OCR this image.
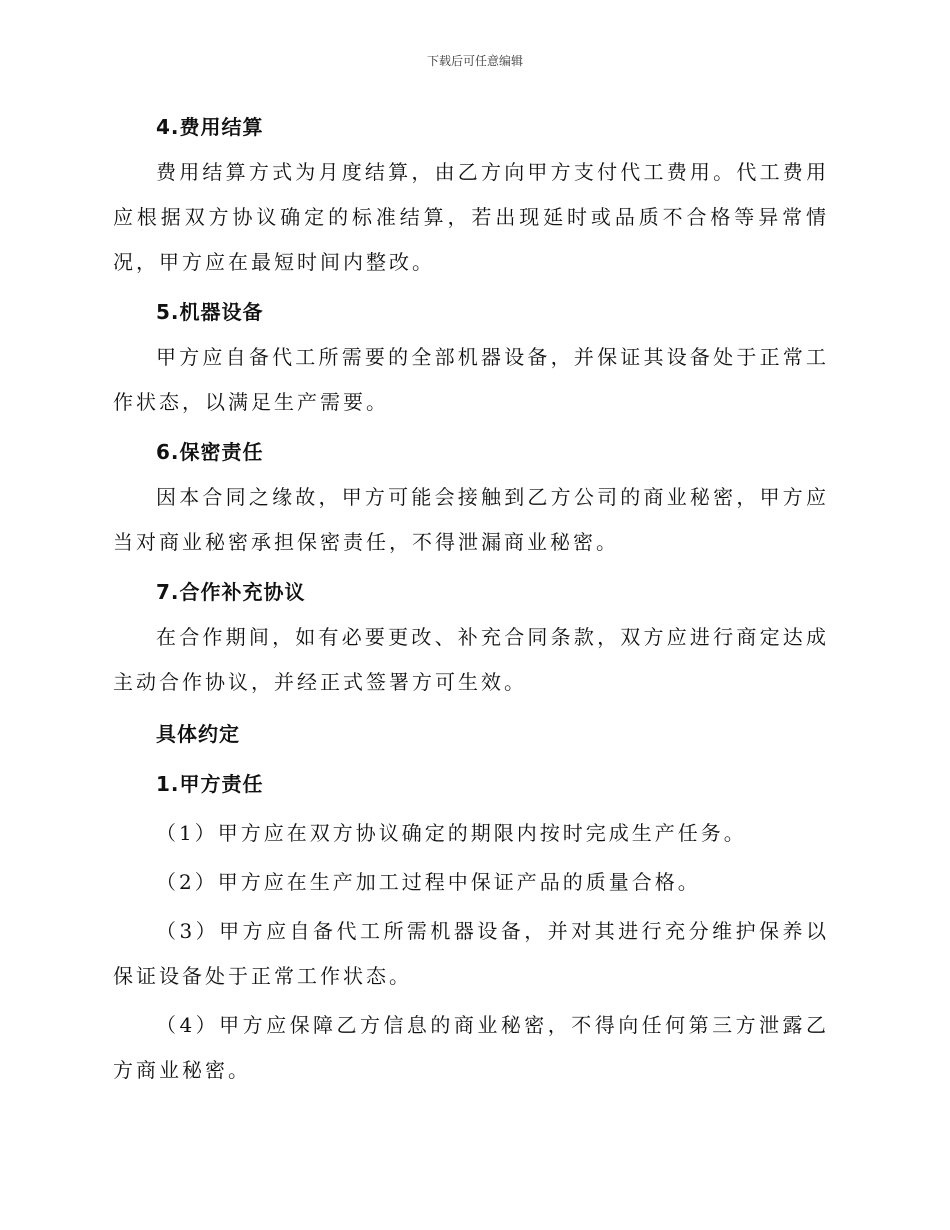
下载后可任意编辑

4.费用结算

费用结算方式为月度结算，由乙方向甲方支付代工费用。代工费用应根据双方协议确定的标准结算，若出现延时或品质不合格等异常情况，甲方应在最短时间内整改。

5.机器设备

甲方应自备代工所需要的全部机器设备，并保证其设备处于正常工作状态，以满足生产需要。

6.保密责任

因本合同之缘故，甲方可能会接触到乙方公司的商业秘密，甲方应当对商业秘密承担保密责任，不得泄漏商业秘密。

7.合作补充协议

在合作期间，如有必要更改、补充合同条款，双方应进行商定达成主动合作协议，并经正式签署方可生效。

具体约定

1.甲方责任

（1）甲方应在双方协议确定的期限内按时完成生产任务。

（2）甲方应在生产加工过程中保证产品的质量合格。

（3）甲方应自备代工所需机器设备，并对其进行充分维护保养以保证设备处于正常工作状态。

（4）甲方应保障乙方信息的商业秘密，不得向任何第三方泄露乙方商业秘密。
